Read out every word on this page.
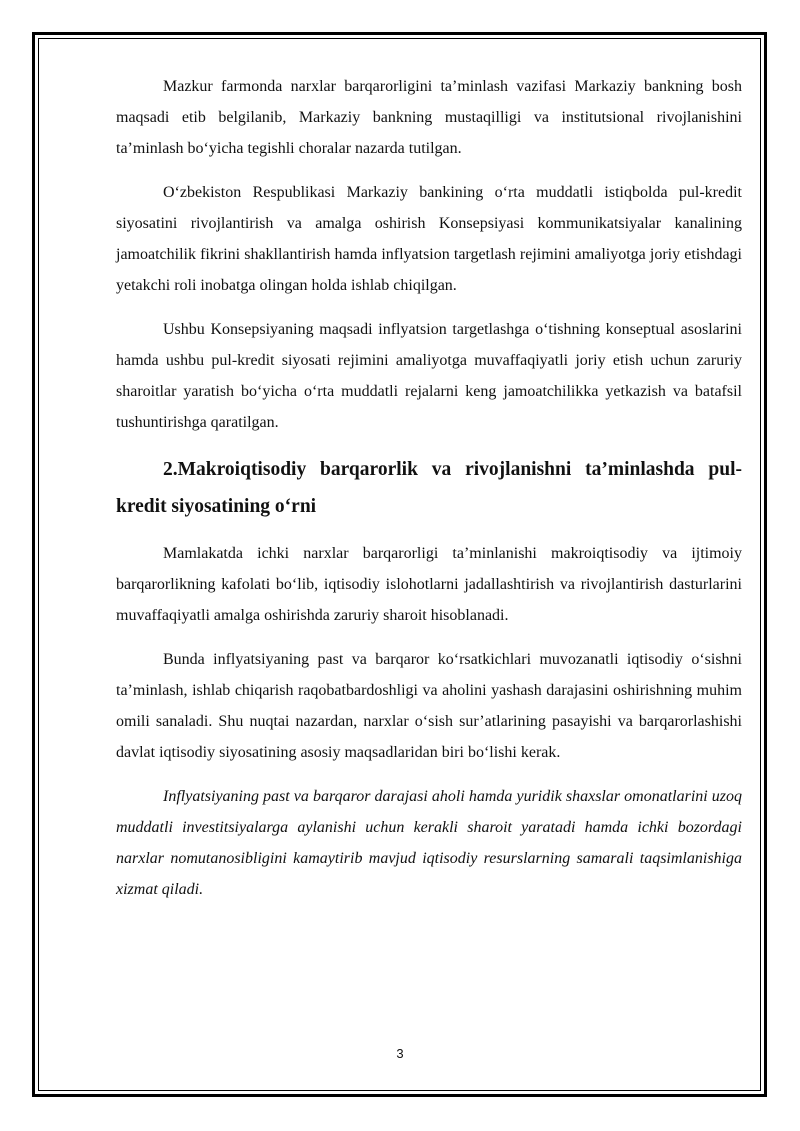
Mazkur farmonda narxlar barqarorligini ta’minlash vazifasi Markaziy bankning bosh maqsadi etib belgilanib, Markaziy bankning mustaqilligi va institutsional rivojlanishini ta’minlash bo‘yicha tegishli choralar nazarda tutilgan.

O‘zbekiston Respublikasi Markaziy bankining o‘rta muddatli istiqbolda pul-kredit siyosatini rivojlantirish va amalga oshirish Konsepsiyasi kommunikatsiyalar kanalining jamoatchilik fikrini shakllantirish hamda inflyatsion targetlash rejimini amaliyotga joriy etishdagi yetakchi roli inobatga olingan holda ishlab chiqilgan.

Ushbu Konsepsiyaning maqsadi inflyatsion targetlashga o‘tishning konseptual asoslarini hamda ushbu pul-kredit siyosati rejimini amaliyotga muvaffaqiyatli joriy etish uchun zaruriy sharoitlar yaratish bo‘yicha o‘rta muddatli rejalarni keng jamoatchilikka yetkazish va batafsil tushuntirishga qaratilgan.

2.Makroiqtisodiy barqarorlik va rivojlanishni ta’minlashda pul-kredit siyosatining o‘rni

Mamlakatda ichki narxlar barqarorligi ta’minlanishi makroiqtisodiy va ijtimoiy barqarorlikning kafolati bo‘lib, iqtisodiy islohotlarni jadallashtirish va rivojlantirish dasturlarini muvaffaqiyatli amalga oshirishda zaruriy sharoit hisoblanadi.

Bunda inflyatsiyaning past va barqaror ko‘rsatkichlari muvozanatli iqtisodiy o‘sishni ta’minlash, ishlab chiqarish raqobatbardoshligi va aholini yashash darajasini oshirishning muhim omili sanaladi. Shu nuqtai nazardan, narxlar o‘sish sur’atlarining pasayishi va barqarorlashishi davlat iqtisodiy siyosatining asosiy maqsadlaridan biri bo‘lishi kerak.

Inflyatsiyaning past va barqaror darajasi aholi hamda yuridik shaxslar omonatlarini uzoq muddatli investitsiyalarga aylanishi uchun kerakli sharoit yaratadi hamda ichki bozordagi narxlar nomutanosibligini kamaytirib mavjud iqtisodiy resurslarning samarali taqsimlanishiga xizmat qiladi.

3
